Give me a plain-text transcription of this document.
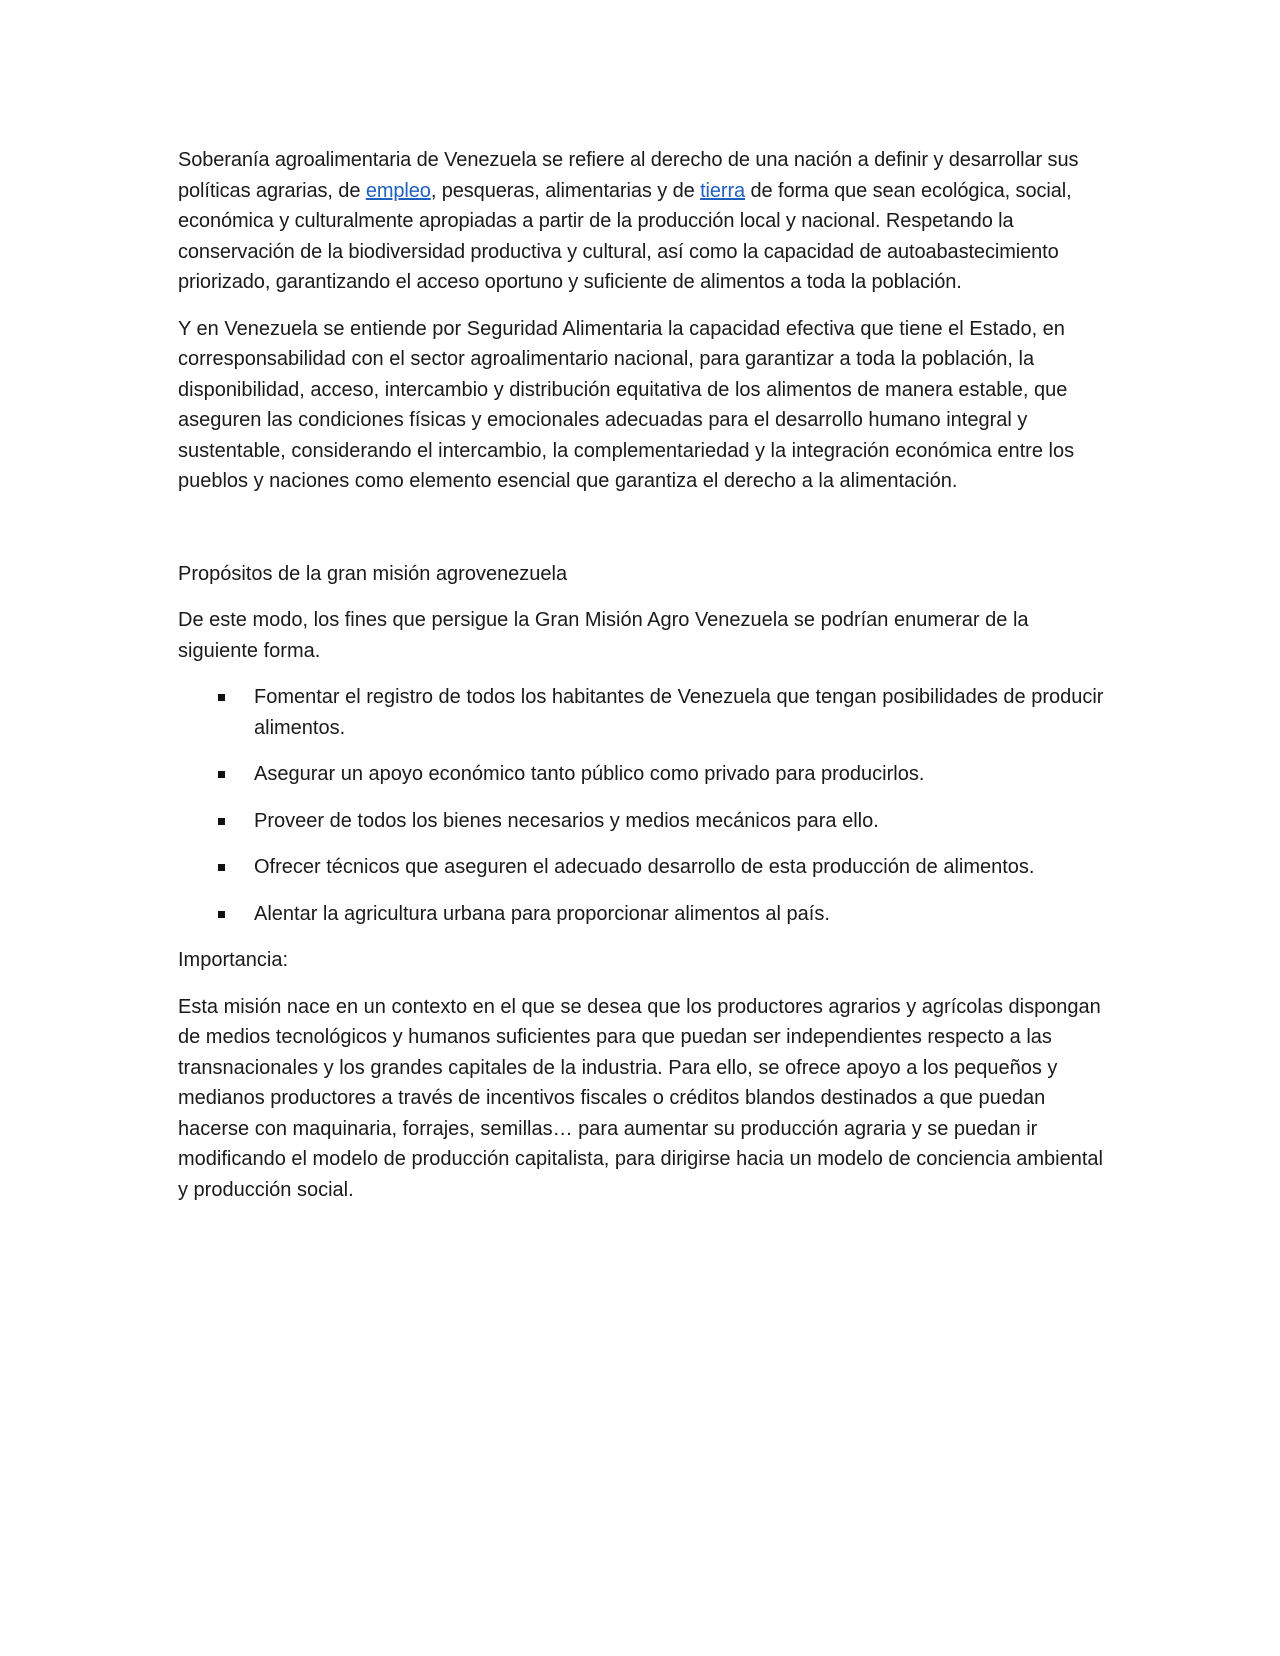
Soberanía agroalimentaria de Venezuela se refiere al derecho de una nación a definir y desarrollar sus políticas agrarias, de empleo, pesqueras, alimentarias y de tierra de forma que sean ecológica, social, económica y culturalmente apropiadas a partir de la producción local y nacional. Respetando la conservación de la biodiversidad productiva y cultural, así como la capacidad de autoabastecimiento priorizado, garantizando el acceso oportuno y suficiente de alimentos a toda la población.

Y en Venezuela se entiende por Seguridad Alimentaria la capacidad efectiva que tiene el Estado, en corresponsabilidad con el sector agroalimentario nacional, para garantizar a toda la población, la disponibilidad, acceso, intercambio y distribución equitativa de los alimentos de manera estable, que aseguren las condiciones físicas y emocionales adecuadas para el desarrollo humano integral y sustentable, considerando el intercambio, la complementariedad y la integración económica entre los pueblos y naciones como elemento esencial que garantiza el derecho a la alimentación.

Propósitos de la gran misión agrovenezuela

De este modo, los fines que persigue la Gran Misión Agro Venezuela se podrían enumerar de la siguiente forma.

Fomentar el registro de todos los habitantes de Venezuela que tengan posibilidades de producir alimentos.
Asegurar un apoyo económico tanto público como privado para producirlos.
Proveer de todos los bienes necesarios y medios mecánicos para ello.
Ofrecer técnicos que aseguren el adecuado desarrollo de esta producción de alimentos.
Alentar la agricultura urbana para proporcionar alimentos al país.

Importancia:

Esta misión nace en un contexto en el que se desea que los productores agrarios y agrícolas dispongan de medios tecnológicos y humanos suficientes para que puedan ser independientes respecto a las transnacionales y los grandes capitales de la industria. Para ello, se ofrece apoyo a los pequeños y medianos productores a través de incentivos fiscales o créditos blandos destinados a que puedan hacerse con maquinaria, forrajes, semillas… para aumentar su producción agraria y se puedan ir modificando el modelo de producción capitalista, para dirigirse hacia un modelo de conciencia ambiental y producción social.
